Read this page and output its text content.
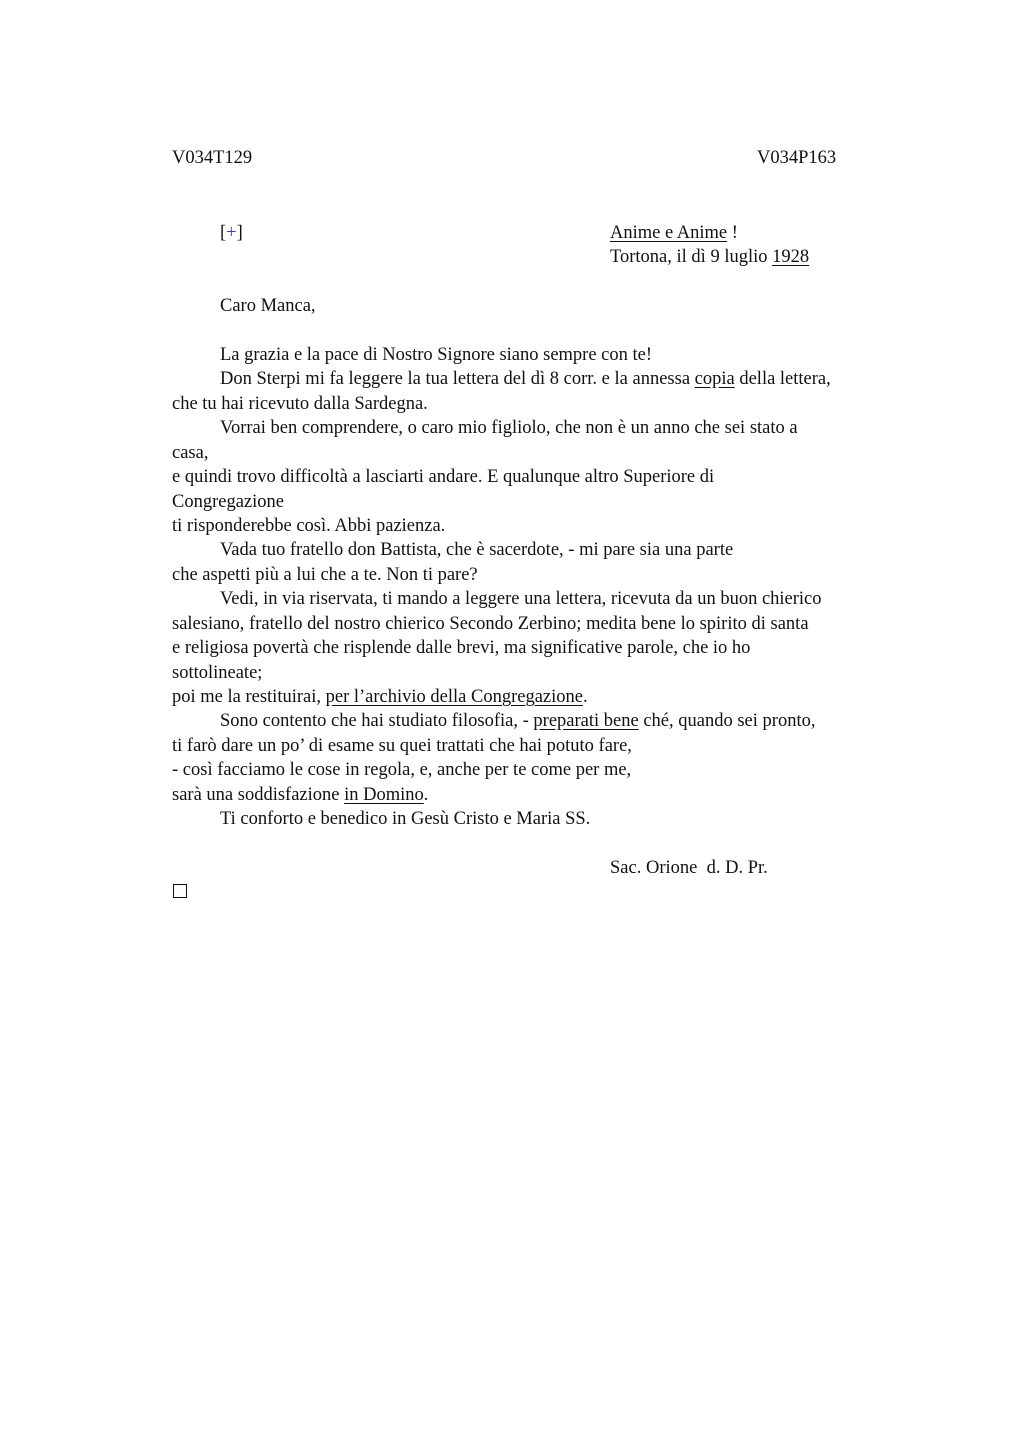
V034T129	V034P163
[+]	Anime e Anime !
Tortona, il dì 9 luglio 1928
Caro Manca,
La grazia e la pace di Nostro Signore siano sempre con te!
Don Sterpi mi fa leggere la tua lettera del dì 8 corr. e la annessa copia della lettera,
che tu hai ricevuto dalla Sardegna.
Vorrai ben comprendere, o caro mio figliolo, che non è un anno che sei stato a
casa,
e quindi trovo difficoltà a lasciarti andare. E qualunque altro Superiore di
Congregazione
ti risponderebbe così. Abbi pazienza.
Vada tuo fratello don Battista, che è sacerdote, - mi pare sia una parte
che aspetti più a lui che a te. Non ti pare?
Vedi, in via riservata, ti mando a leggere una lettera, ricevuta da un buon chierico
salesiano, fratello del nostro chierico Secondo Zerbino; medita bene lo spirito di santa
e religiosa povertà che risplende dalle brevi, ma significative parole, che io ho
sottolineate;
poi me la restituirai, per l’archivio della Congregazione.
Sono contento che hai studiato filosofia, - preparati bene ché, quando sei pronto,
ti farò dare un po’ di esame su quei trattati che hai potuto fare,
- così facciamo le cose in regola, e, anche per te come per me,
sarà una soddisfazione in Domino.
Ti conforto e benedico in Gesù Cristo e Maria SS.
Sac. Orione  d. D. Pr.
